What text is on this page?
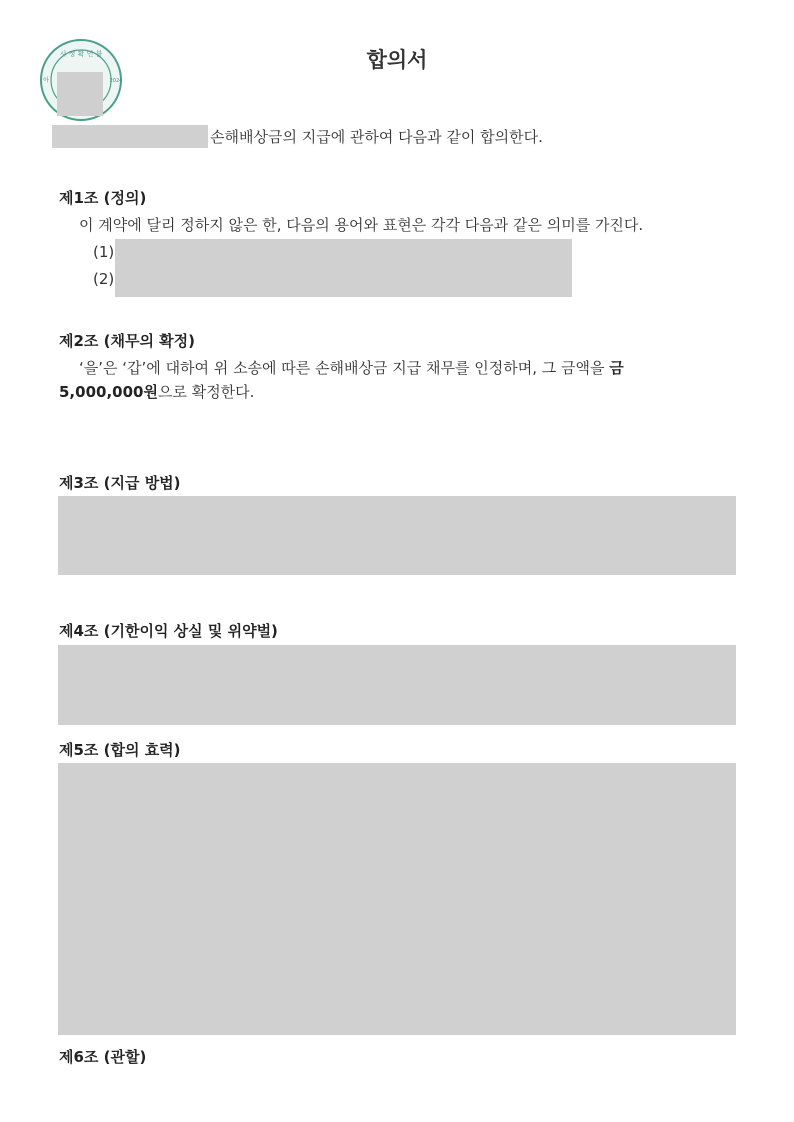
시 정 확 인 불
아	2024
합의서
손해배상금의 지급에 관하여 다음과 같이 합의한다.
제1조 (정의)
이 계약에 달리 정하지 않은 한, 다음의 용어와 표현은 각각 다음과 같은 의미를 가진다.
(1)
(2)
제2조 (채무의 확정)
‘을’은 ‘갑’에 대하여 위 소송에 따른 손해배상금 지급 채무를 인정하며, 그 금액을 금
5,000,000원으로 확정한다.
제3조 (지급 방법)
제4조 (기한이익 상실 및 위약벌)
제5조 (합의 효력)
제6조 (관할)
